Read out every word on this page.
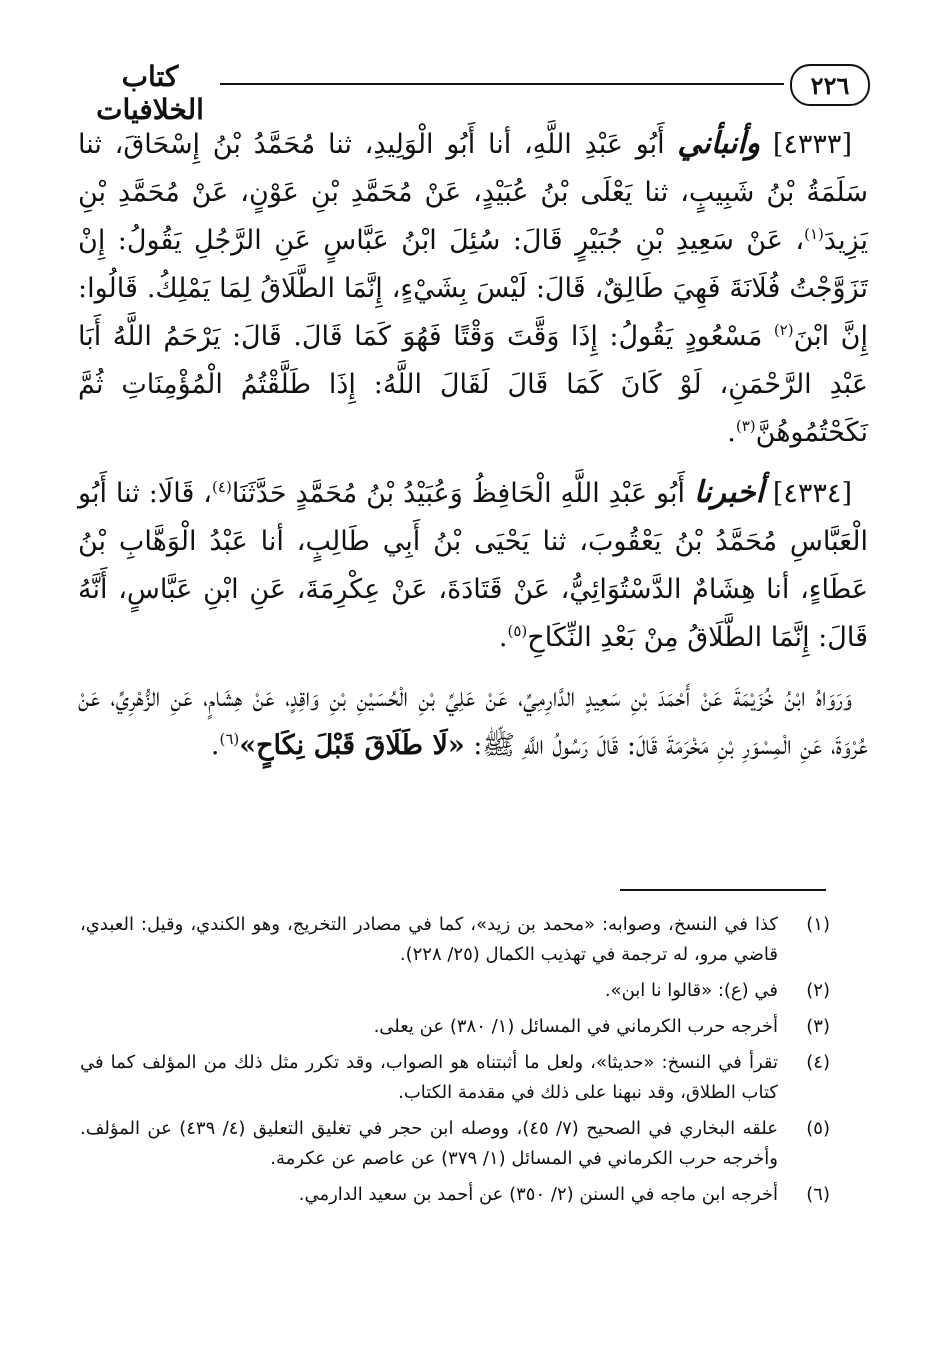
٢٢٦
كتاب الخلافيات

[٤٣٣٣] وأنبأني أَبُو عَبْدِ اللَّهِ، أنا أَبُو الْوَلِيدِ، ثنا مُحَمَّدُ بْنُ إِسْحَاقَ، ثنا سَلَمَةُ بْنُ شَبِيبٍ، ثنا يَعْلَى بْنُ عُبَيْدٍ، عَنْ مُحَمَّدِ بْنِ عَوْنٍ، عَنْ مُحَمَّدِ بْنِ يَزِيدَ$^{(١)}$، عَنْ سَعِيدِ بْنِ جُبَيْرٍ قَالَ: سُئِلَ ابْنُ عَبَّاسٍ عَنِ الرَّجُلِ يَقُولُ: إِنْ تَزَوَّجْتُ فُلَانَةَ فَهِيَ طَالِقٌ، قَالَ: لَيْسَ بِشَيْءٍ، إِنَّمَا الطَّلَاقُ لِمَا يَمْلِكُ. قَالُوا: إِنَّ ابْنَ$^{(٢)}$ مَسْعُودٍ يَقُولُ: إِذَا وَقَّتَ وَقْتًا فَهُوَ كَمَا قَالَ. قَالَ: يَرْحَمُ اللَّهُ أَبَا عَبْدِ الرَّحْمَنِ، لَوْ كَانَ كَمَا قَالَ لَقَالَ اللَّهُ: إِذَا طَلَّقْتُمُ الْمُؤْمِنَاتِ ثُمَّ نَكَحْتُمُوهُنَّ$^{(٣)}$.

[٤٣٣٤] أخبرنا أَبُو عَبْدِ اللَّهِ الْحَافِظُ وَعُبَيْدُ بْنُ مُحَمَّدٍ حَدَّثَنَا$^{(٤)}$، قَالَا: ثنا أَبُو الْعَبَّاسِ مُحَمَّدُ بْنُ يَعْقُوبَ، ثنا يَحْيَى بْنُ أَبِي طَالِبٍ، أنا عَبْدُ الْوَهَّابِ بْنُ عَطَاءٍ، أنا هِشَامٌ الدَّسْتُوَائِيُّ، عَنْ قَتَادَةَ، عَنْ عِكْرِمَةَ، عَنِ ابْنِ عَبَّاسٍ، أَنَّهُ قَالَ: إِنَّمَا الطَّلَاقُ مِنْ بَعْدِ النِّكَاحِ$^{(٥)}$.

وَرَوَاهُ ابْنُ خُزَيْمَةَ عَنْ أَحْمَدَ بْنِ سَعِيدٍ الدَّارِمِيِّ، عَنْ عَلِيِّ بْنِ الْحُسَيْنِ بْنِ وَاقِدٍ، عَنْ هِشَامٍ، عَنِ الزُّهْرِيِّ، عَنْ عُرْوَةَ، عَنِ الْمِسْوَرِ بْنِ مَخْرَمَةَ قَالَ: قَالَ رَسُولُ اللَّهِ ﷺ: «لَا طَلَاقَ قَبْلَ نِكَاحٍ»$^{(٦)}$.

(١)
كذا في النسخ، وصوابه: «محمد بن زيد»، كما في مصادر التخريج، وهو الكندي، وقيل: العبدي، قاضي مرو، له ترجمة في تهذيب الكمال (٢٥/ ٢٢٨).
(٢)
في (ع): «قالوا نا ابن».
(٣)
أخرجه حرب الكرماني في المسائل (١/ ٣٨٠) عن يعلى.
(٤)
تقرأ في النسخ: «حديثا»، ولعل ما أثبتناه هو الصواب، وقد تكرر مثل ذلك من المؤلف كما في كتاب الطلاق، وقد نبهنا على ذلك في مقدمة الكتاب.
(٥)
علقه البخاري في الصحيح (٧/ ٤٥)، ووصله ابن حجر في تغليق التعليق (٤/ ٤٣٩) عن المؤلف. وأخرجه حرب الكرماني في المسائل (١/ ٣٧٩) عن عاصم عن عكرمة.
(٦)
أخرجه ابن ماجه في السنن (٢/ ٣٥٠) عن أحمد بن سعيد الدارمي.
